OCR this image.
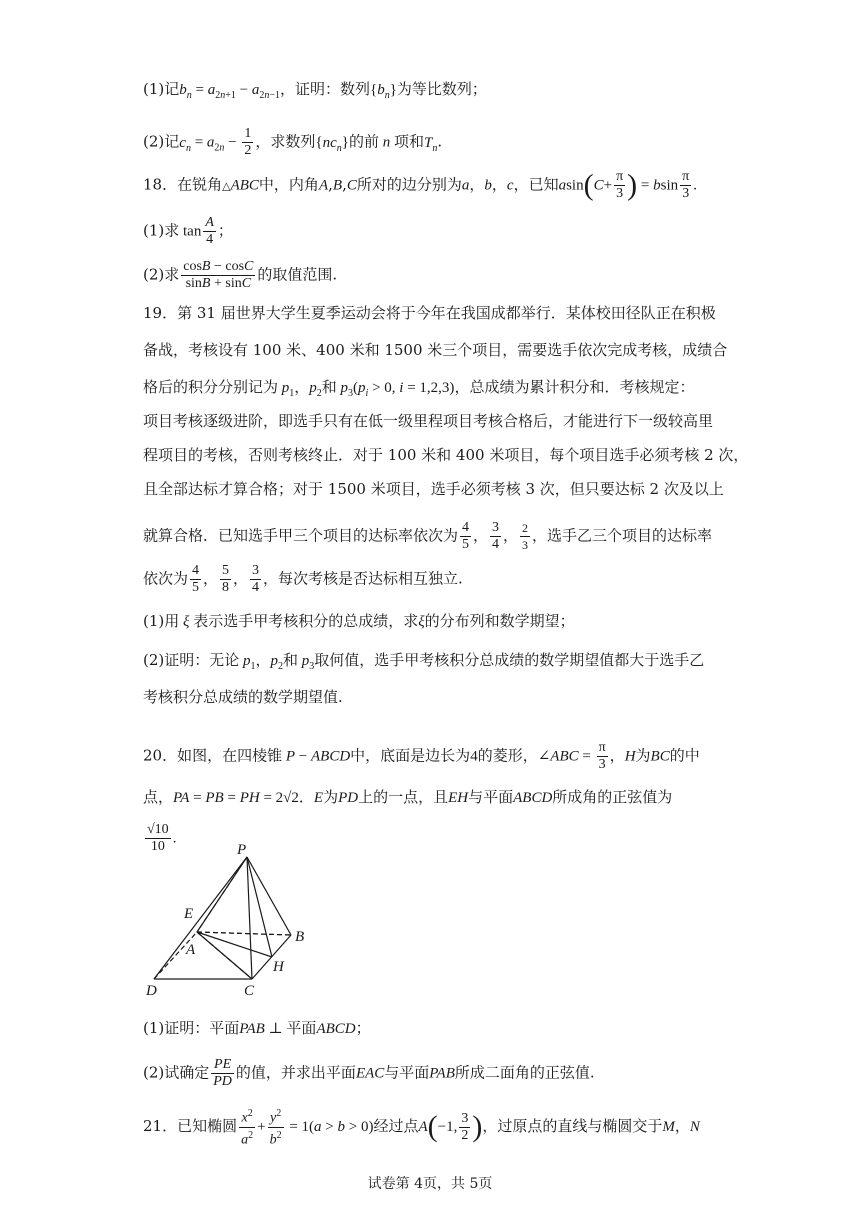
(1)记$b_n = a_{2n+1} - a_{2n-1}$，证明：数列$\{b_n\}$为等比数列；
(2)记$c_n = a_{2n} - \frac{1}{2}$ ，求数列$\{nc_n\}$的前 n 项和$T_n$.
18．在锐角△ABC中，内角A,B,C所对的边分别为a，b，c，已知$asin(C+ \frac{\pi}{3}$ ) = bsin $\frac{\pi}{3}$ .
(1)求 $\tan \frac{A}{4}$ ；
(2)求 $\frac{\cos B - \cos C}{\sin B + \sin C}$ 的取值范围.
19．第 31 届世界大学生夏季运动会将于今年在我国成都举行．某体校田径队正在积极
备战，考核设有 100 米、400 米和 1500 米三个项目，需要选手依次完成考核，成绩合
格后的积分分别记为 $p_1$，$p_2$和 $p_3(p_i > 0$, i = 1,2,3)，总成绩为累计积分和．考核规定：
项目考核逐级进阶，即选手只有在低一级里程项目考核合格后，才能进行下一级较高里
程项目的考核，否则考核终止．对于 100 米和 400 米项目，每个项目选手必须考核 2 次，
且全部达标才算合格；对于 1500 米项目，选手必须考核 3 次，但只要达标 2 次及以上
就算合格．已知选手甲三个项目的达标率依次为 $\frac{4}{5}$ ， $\frac{3}{4}$ ， $\frac{2}{3}$ ，选手乙三个项目的达标率
依次为 $\frac{4}{5}$ ， $\frac{5}{8}$ ， $\frac{3}{4}$ ，每次考核是否达标相互独立.
(1)用 ξ 表示选手甲考核积分的总成绩，求ξ的分布列和数学期望；
(2)证明：无论 $p_1$，$p_2$和 $p_3$取何值，选手甲考核积分总成绩的数学期望值都大于选手乙
考核积分总成绩的数学期望值.
20．如图，在四棱锥 P − ABCD中，底面是边长为4的菱形，∠ABC = $\frac{\pi}{3}$ ，H为BC的中
点，PA = PB = PH = 2√2．E为PD上的一点，且EH与平面ABCD所成角的正弦值为
$\frac{√10}{10}$ .
P
E
A
B
H
D	C
(1)证明：平面PAB ⊥ 平面ABCD；
(2)试确定 $\frac{PE}{PD}$ 的值，并求出平面EAC与平面PAB所成二面角的正弦值.
21．已知椭圆 $\frac{x^2}{a^2} + \frac{y^2}{b^2} = 1(a > b > 0)$经过点A(−1, $\frac{3}{2}$ )，过原点的直线与椭圆交于M，N
试卷第 4页，共 5页
